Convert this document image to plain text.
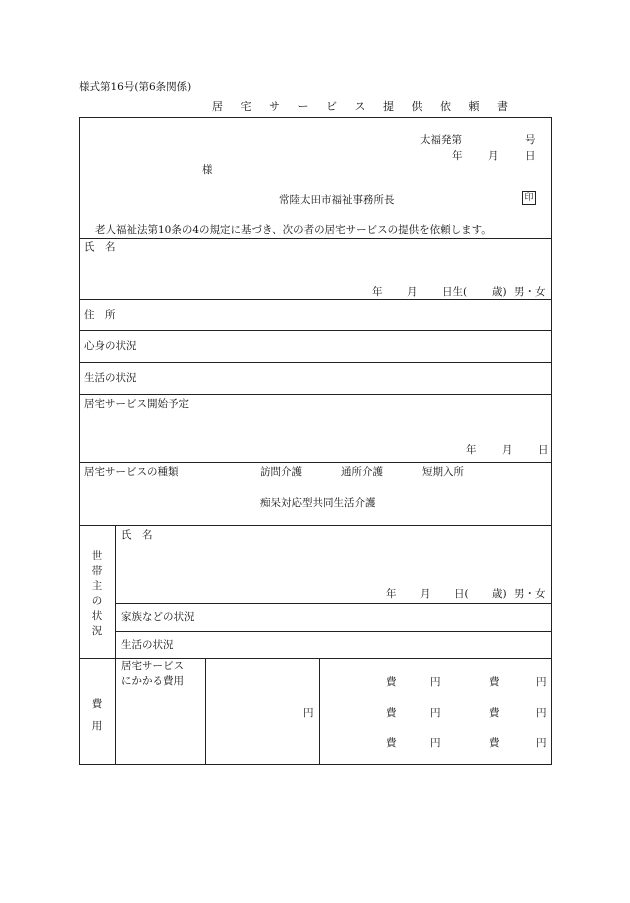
様式第16号(第6条関係)
居 宅 サ ー ビ ス 提 供 依 頼 書
太福発第	号
年 月	日
様
常陸太田市福祉事務所長	印
老人福祉法第10条の4の規定に基づき、次の者の居宅サービスの提供を依頼します。
氏　名
年 月 日生( 歳) 男・女
住　所
心身の状況
生活の状況
居宅サービス開始予定
年 月 日
居宅サービスの種類	訪問介護	通所介護	短期入所
痴呆対応型共同生活介護
世帯主の状況
氏　名
年 月 日( 歳) 男・女
家族などの状況
生活の状況
費用
居宅サービス
にかかる費用
円
費	円	費	円
費	円	費	円
費	円	費	円
